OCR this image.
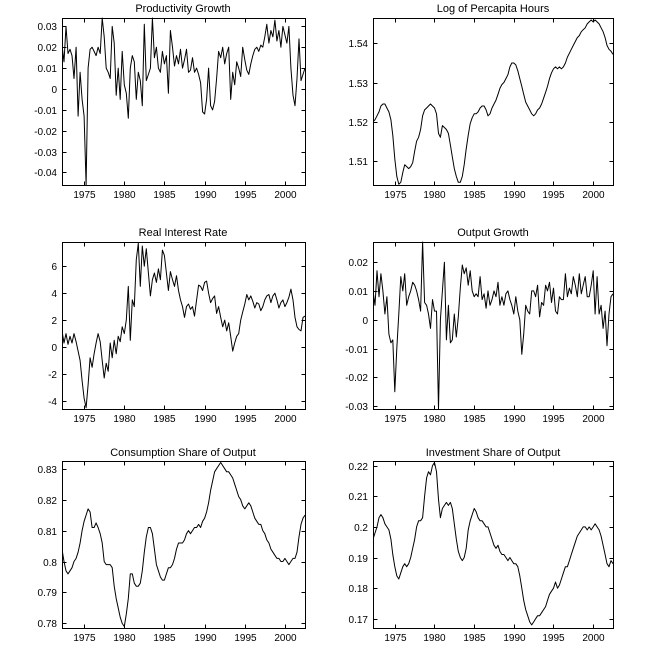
Productivity Growth
1975 1980 1985 1990 1995 2000
-0.04
-0.03
-0.02
-0.01
0
0.01
0.02
0.03
Log of Percapita Hours
1975 1980 1985 1990 1995 2000
1.51
1.52
1.53
1.54
Real Interest Rate
1975 1980 1985 1990 1995 2000
-4
-2
0
2
4
6
Output Growth
1975 1980 1985 1990 1995 2000
-0.03
-0.02
-0.01
0
0.01
0.02
Consumption Share of Output
1975 1980 1985 1990 1995 2000
0.78
0.79
0.8
0.81
0.82
0.83
Investment Share of Output
1975 1980 1985 1990 1995 2000
0.17
0.18
0.19
0.2
0.21
0.22
